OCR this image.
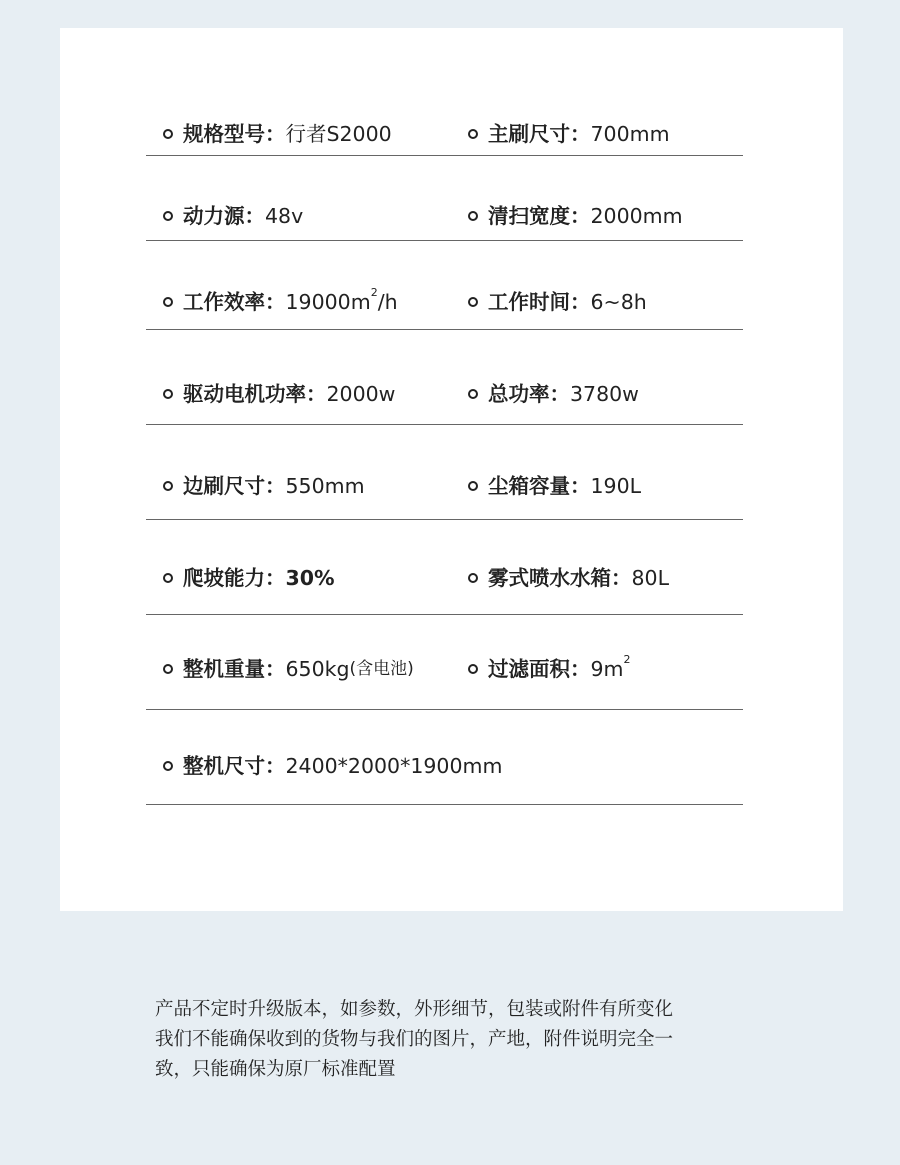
规格型号： 行者S2000	主刷尺寸： 700mm
动力源： 48v	清扫宽度： 2000mm
工作效率： 19000m 2 /h	工作时间： 6~8h
驱动电机功率： 2000w	总功率： 3780w
边刷尺寸： 550mm	尘箱容量： 190L
爬坡能力： 30%	雾式喷水水箱： 80L
整机重量： 650kg (含电池)	过滤面积： 9m 2
整机尺寸： 2400*2000*1900mm
产品不定时升级版本，如参数，外形细节，包装或附件有所变化
我们不能确保收到的货物与我们的图片，产地，附件说明完全一
致，只能确保为原厂标准配置
